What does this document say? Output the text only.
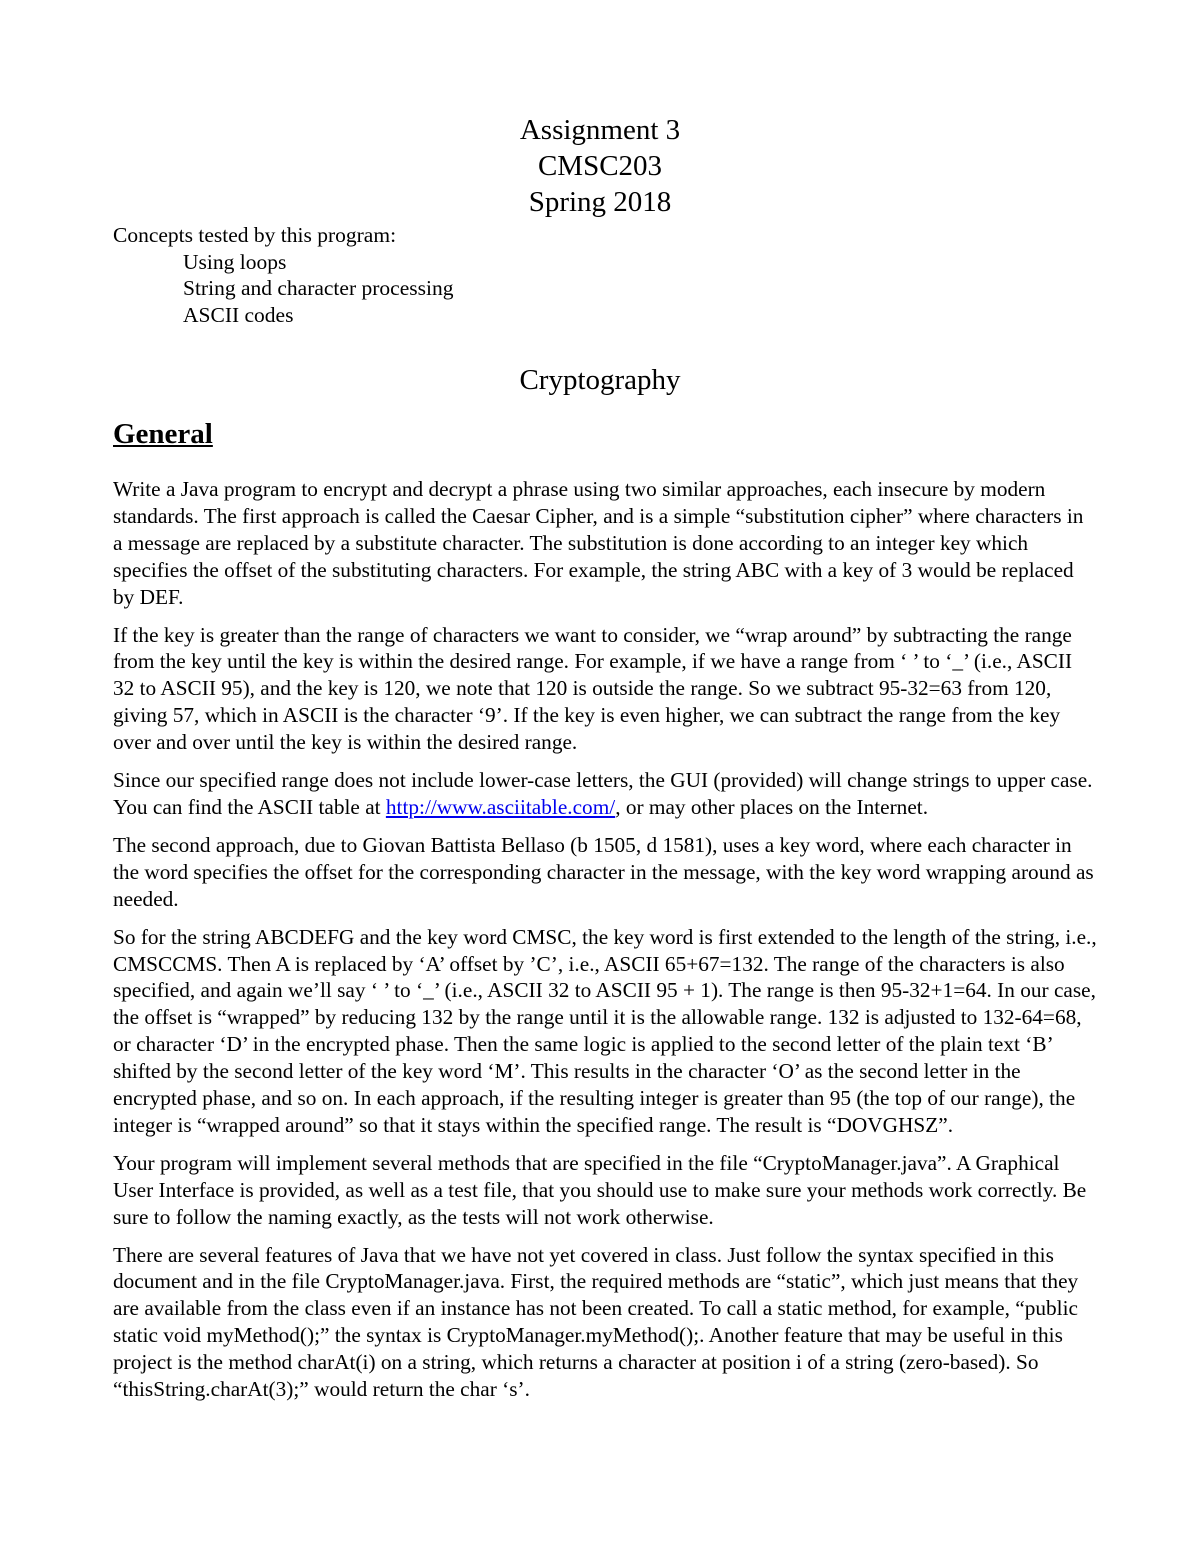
Assignment 3
CMSC203
Spring 2018
Concepts tested by this program:
Using loops
String and character processing
ASCII codes
Cryptography
General

Write a Java program to encrypt and decrypt a phrase using two similar approaches, each insecure by modern standards. The first approach is called the Caesar Cipher, and is a simple “substitution cipher” where characters in a message are replaced by a substitute character. The substitution is done according to an integer key which specifies the offset of the substituting characters. For example, the string ABC with a key of 3 would be replaced by DEF.

If the key is greater than the range of characters we want to consider, we “wrap around” by subtracting the range from the key until the key is within the desired range. For example, if we have a range from ‘ ’ to ‘_’ (i.e., ASCII 32 to ASCII 95), and the key is 120, we note that 120 is outside the range. So we subtract 95-32=63 from 120, giving 57, which in ASCII is the character ‘9’. If the key is even higher, we can subtract the range from the key over and over until the key is within the desired range.

Since our specified range does not include lower-case letters, the GUI (provided) will change strings to upper case. You can find the ASCII table at http://www.asciitable.com/, or may other places on the Internet.

The second approach, due to Giovan Battista Bellaso (b 1505, d 1581), uses a key word, where each character in the word specifies the offset for the corresponding character in the message, with the key word wrapping around as needed.

So for the string ABCDEFG and the key word CMSC, the key word is first extended to the length of the string, i.e., CMSCCMS. Then A is replaced by ‘A’ offset by ’C’, i.e., ASCII 65+67=132. The range of the characters is also specified, and again we’ll say ‘ ’ to ‘_’ (i.e., ASCII 32 to ASCII 95 + 1). The range is then 95-32+1=64. In our case, the offset is “wrapped” by reducing 132 by the range until it is the allowable range. 132 is adjusted to 132-64=68, or character ‘D’ in the encrypted phase. Then the same logic is applied to the second letter of the plain text ‘B’ shifted by the second letter of the key word ‘M’. This results in the character ‘O’ as the second letter in the encrypted phase, and so on. In each approach, if the resulting integer is greater than 95 (the top of our range), the integer is “wrapped around” so that it stays within the specified range. The result is “DOVGHSZ”.

Your program will implement several methods that are specified in the file “CryptoManager.java”. A Graphical User Interface is provided, as well as a test file, that you should use to make sure your methods work correctly. Be sure to follow the naming exactly, as the tests will not work otherwise.

There are several features of Java that we have not yet covered in class. Just follow the syntax specified in this document and in the file CryptoManager.java. First, the required methods are “static”, which just means that they are available from the class even if an instance has not been created. To call a static method, for example, “public static void myMethod();” the syntax is CryptoManager.myMethod();. Another feature that may be useful in this project is the method charAt(i) on a string, which returns a character at position i of a string (zero-based). So “thisString.charAt(3);” would return the char ‘s’.
